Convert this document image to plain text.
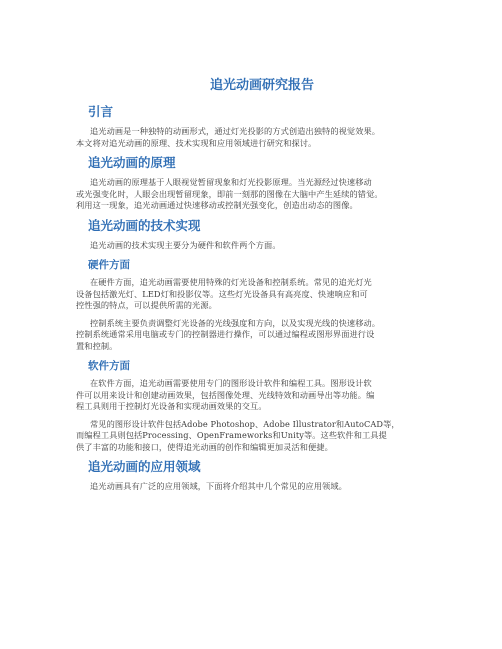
追光动画研究报告
引言
追光动画是一种独特的动画形式，通过灯光投影的方式创造出独特的视觉效果。
本文将对追光动画的原理、技术实现和应用领域进行研究和探讨。
追光动画的原理
追光动画的原理基于人眼视觉暂留现象和灯光投影原理。当光源经过快速移动
或光强变化时，人眼会出现暂留现象，即前一刻那的图像在大脑中产生延续的错觉。
利用这一现象，追光动画通过快速移动或控制光强变化，创造出动态的图像。
追光动画的技术实现
追光动画的技术实现主要分为硬件和软件两个方面。
硬件方面
在硬件方面，追光动画需要使用特殊的灯光设备和控制系统。常见的追光灯光
设备包括激光灯、LED灯和投影仪等。这些灯光设备具有高亮度、快速响应和可
控性强的特点，可以提供所需的光源。
控制系统主要负责调整灯光设备的光线强度和方向，以及实现光线的快速移动。
控制系统通常采用电脑或专门的控制器进行操作，可以通过编程或图形界面进行设
置和控制。
软件方面
在软件方面，追光动画需要使用专门的图形设计软件和编程工具。图形设计软
件可以用来设计和创建动画效果，包括图像处理、光线特效和动画导出等功能。编
程工具则用于控制灯光设备和实现动画效果的交互。
常见的图形设计软件包括Adobe Photoshop、Adobe Illustrator和AutoCAD等，
而编程工具则包括Processing、OpenFrameworks和Unity等。这些软件和工具提
供了丰富的功能和接口，使得追光动画的创作和编辑更加灵活和便捷。
追光动画的应用领域
追光动画具有广泛的应用领域，下面将介绍其中几个常见的应用领域。
